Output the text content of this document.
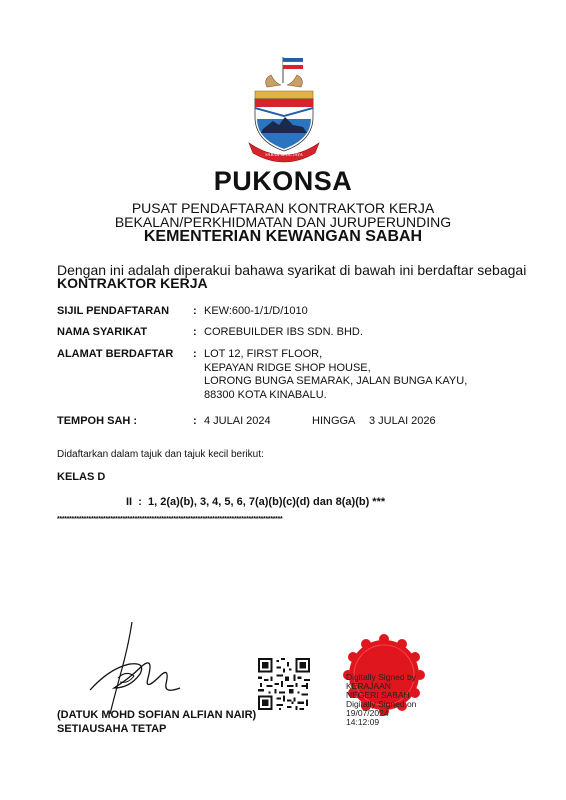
SABAH MAJU JAYA
PUKONSA
PUSAT PENDAFTARAN KONTRAKTOR KERJA
BEKALAN/PERKHIDMATAN DAN JURUPERUNDING
KEMENTERIAN KEWANGAN SABAH
Dengan ini adalah diperakui bahawa syarikat di bawah ini berdaftar sebagai
KONTRAKTOR KERJA
SIJIL PENDAFTARAN : KEW:600-1/1/D/1010
NAMA SYARIKAT	: COREBUILDER IBS SDN. BHD.
ALAMAT BERDAFTAR : LOT 12, FIRST FLOOR,
KEPAYAN RIDGE SHOP HOUSE,
LORONG BUNGA SEMARAK, JALAN BUNGA KAYU,
88300 KOTA KINABALU.
TEMPOH SAH :	: 4 JULAI 2024	HINGGA 3 JULAI 2026
Didaftarkan dalam tajuk dan tajuk kecil berikut:
KELAS D
II  :  1, 2(a)(b), 3, 4, 5, 6, 7(a)(b)(c)(d) dan 8(a)(b) ***
*********************************************************************************************
(DATUK MOHD SOFIAN ALFIAN NAIR)
SETIAUSAHA TETAP
Digitally Signed by
KERAJAAN
NEGERI SABAH
Digitally Signed on
19/07/2024
14:12:09
